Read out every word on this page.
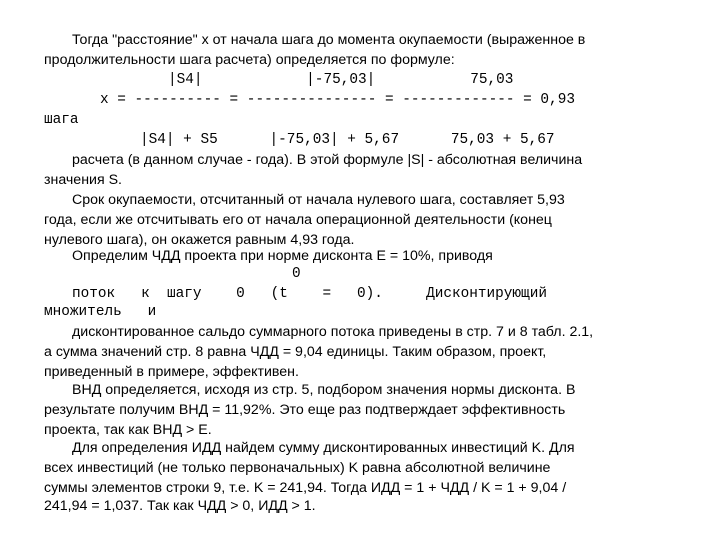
Тогда "расстояние" x от начала шага до момента окупаемости (выраженное в
продолжительности шага расчета) определяется по формуле:
|S4|            |-75,03|           75,03
x = ---------- = --------------- = ------------- = 0,93
шага
|S4| + S5      |-75,03| + 5,67      75,03 + 5,67
расчета (в данном случае - года). В этой формуле |S| - абсолютная величина
значения S.
Срок окупаемости, отсчитанный от начала нулевого шага, составляет 5,93
года, если же отсчитывать его от начала операционной деятельности (конец
нулевого шага), он окажется равным 4,93 года.
Определим ЧДД проекта при норме дисконта E = 10%, приводя
0
поток   к  шагу    0   (t    =   0).     Дисконтирующий
множитель   и
дисконтированное сальдо суммарного потока приведены в стр. 7 и 8 табл. 2.1,
а сумма значений стр. 8 равна ЧДД = 9,04 единицы. Таким образом, проект,
приведенный в примере, эффективен.
ВНД определяется, исходя из стр. 5, подбором значения нормы дисконта. В
результате получим ВНД = 11,92%. Это еще раз подтверждает эффективность
проекта, так как ВНД > E.
Для определения ИДД найдем сумму дисконтированных инвестиций K. Для
всех инвестиций (не только первоначальных) K равна абсолютной величине
суммы элементов строки 9, т.е. K = 241,94. Тогда ИДД = 1 + ЧДД / K = 1 + 9,04 /
241,94 = 1,037. Так как ЧДД > 0, ИДД > 1.
